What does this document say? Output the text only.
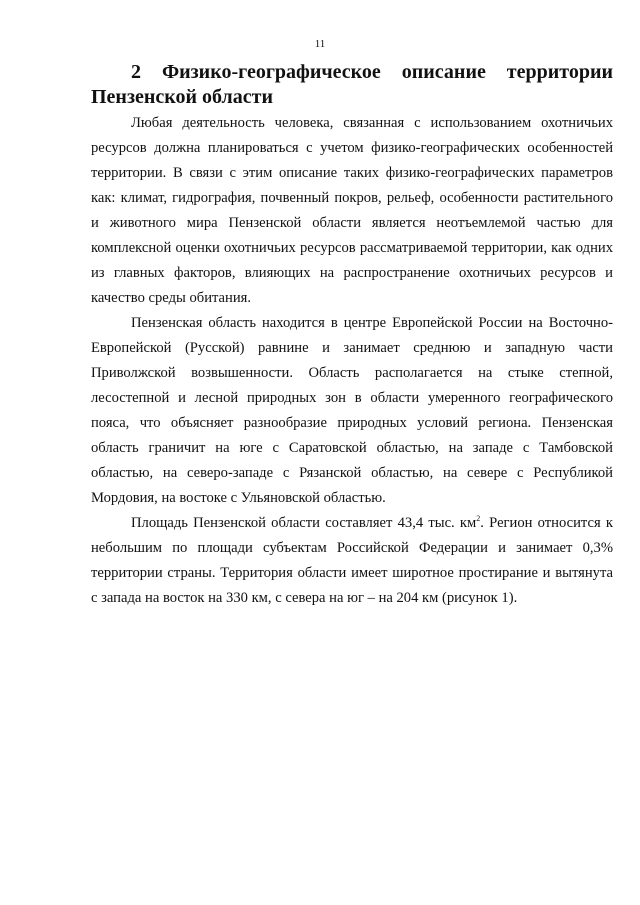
11
2 Физико-географическое описание территории
Пензенской области

Любая деятельность человека, связанная с использованием охотничьих ресурсов должна планироваться с учетом физико-географических особенностей территории. В связи с этим описание таких физико-географических параметров как: климат, гидрография, почвенный покров, рельеф, особенности растительного и животного мира Пензенской области является неотъемлемой частью для комплексной оценки охотничьих ресурсов рассматриваемой территории, как одних из главных факторов, влияющих на распространение охотничьих ресурсов и качество среды обитания.

Пензенская область находится в центре Европейской России на Восточно-Европейской (Русской) равнине и занимает среднюю и западную части Приволжской возвышенности. Область располагается на стыке степной, лесостепной и лесной природных зон в области умеренного географического пояса, что объясняет разнообразие природных условий региона. Пензенская область граничит на юге с Саратовской областью, на западе с Тамбовской областью, на северо-западе с Рязанской областью, на севере с Республикой Мордовия, на востоке с Ульяновской областью.

Площадь Пензенской области составляет 43,4 тыс. $км^2$. Регион относится к небольшим по площади субъектам Российской Федерации и занимает 0,3% территории страны. Территория области имеет широтное простирание и вытянута с запада на восток на 330 км, с севера на юг – на 204 км (рисунок 1).
